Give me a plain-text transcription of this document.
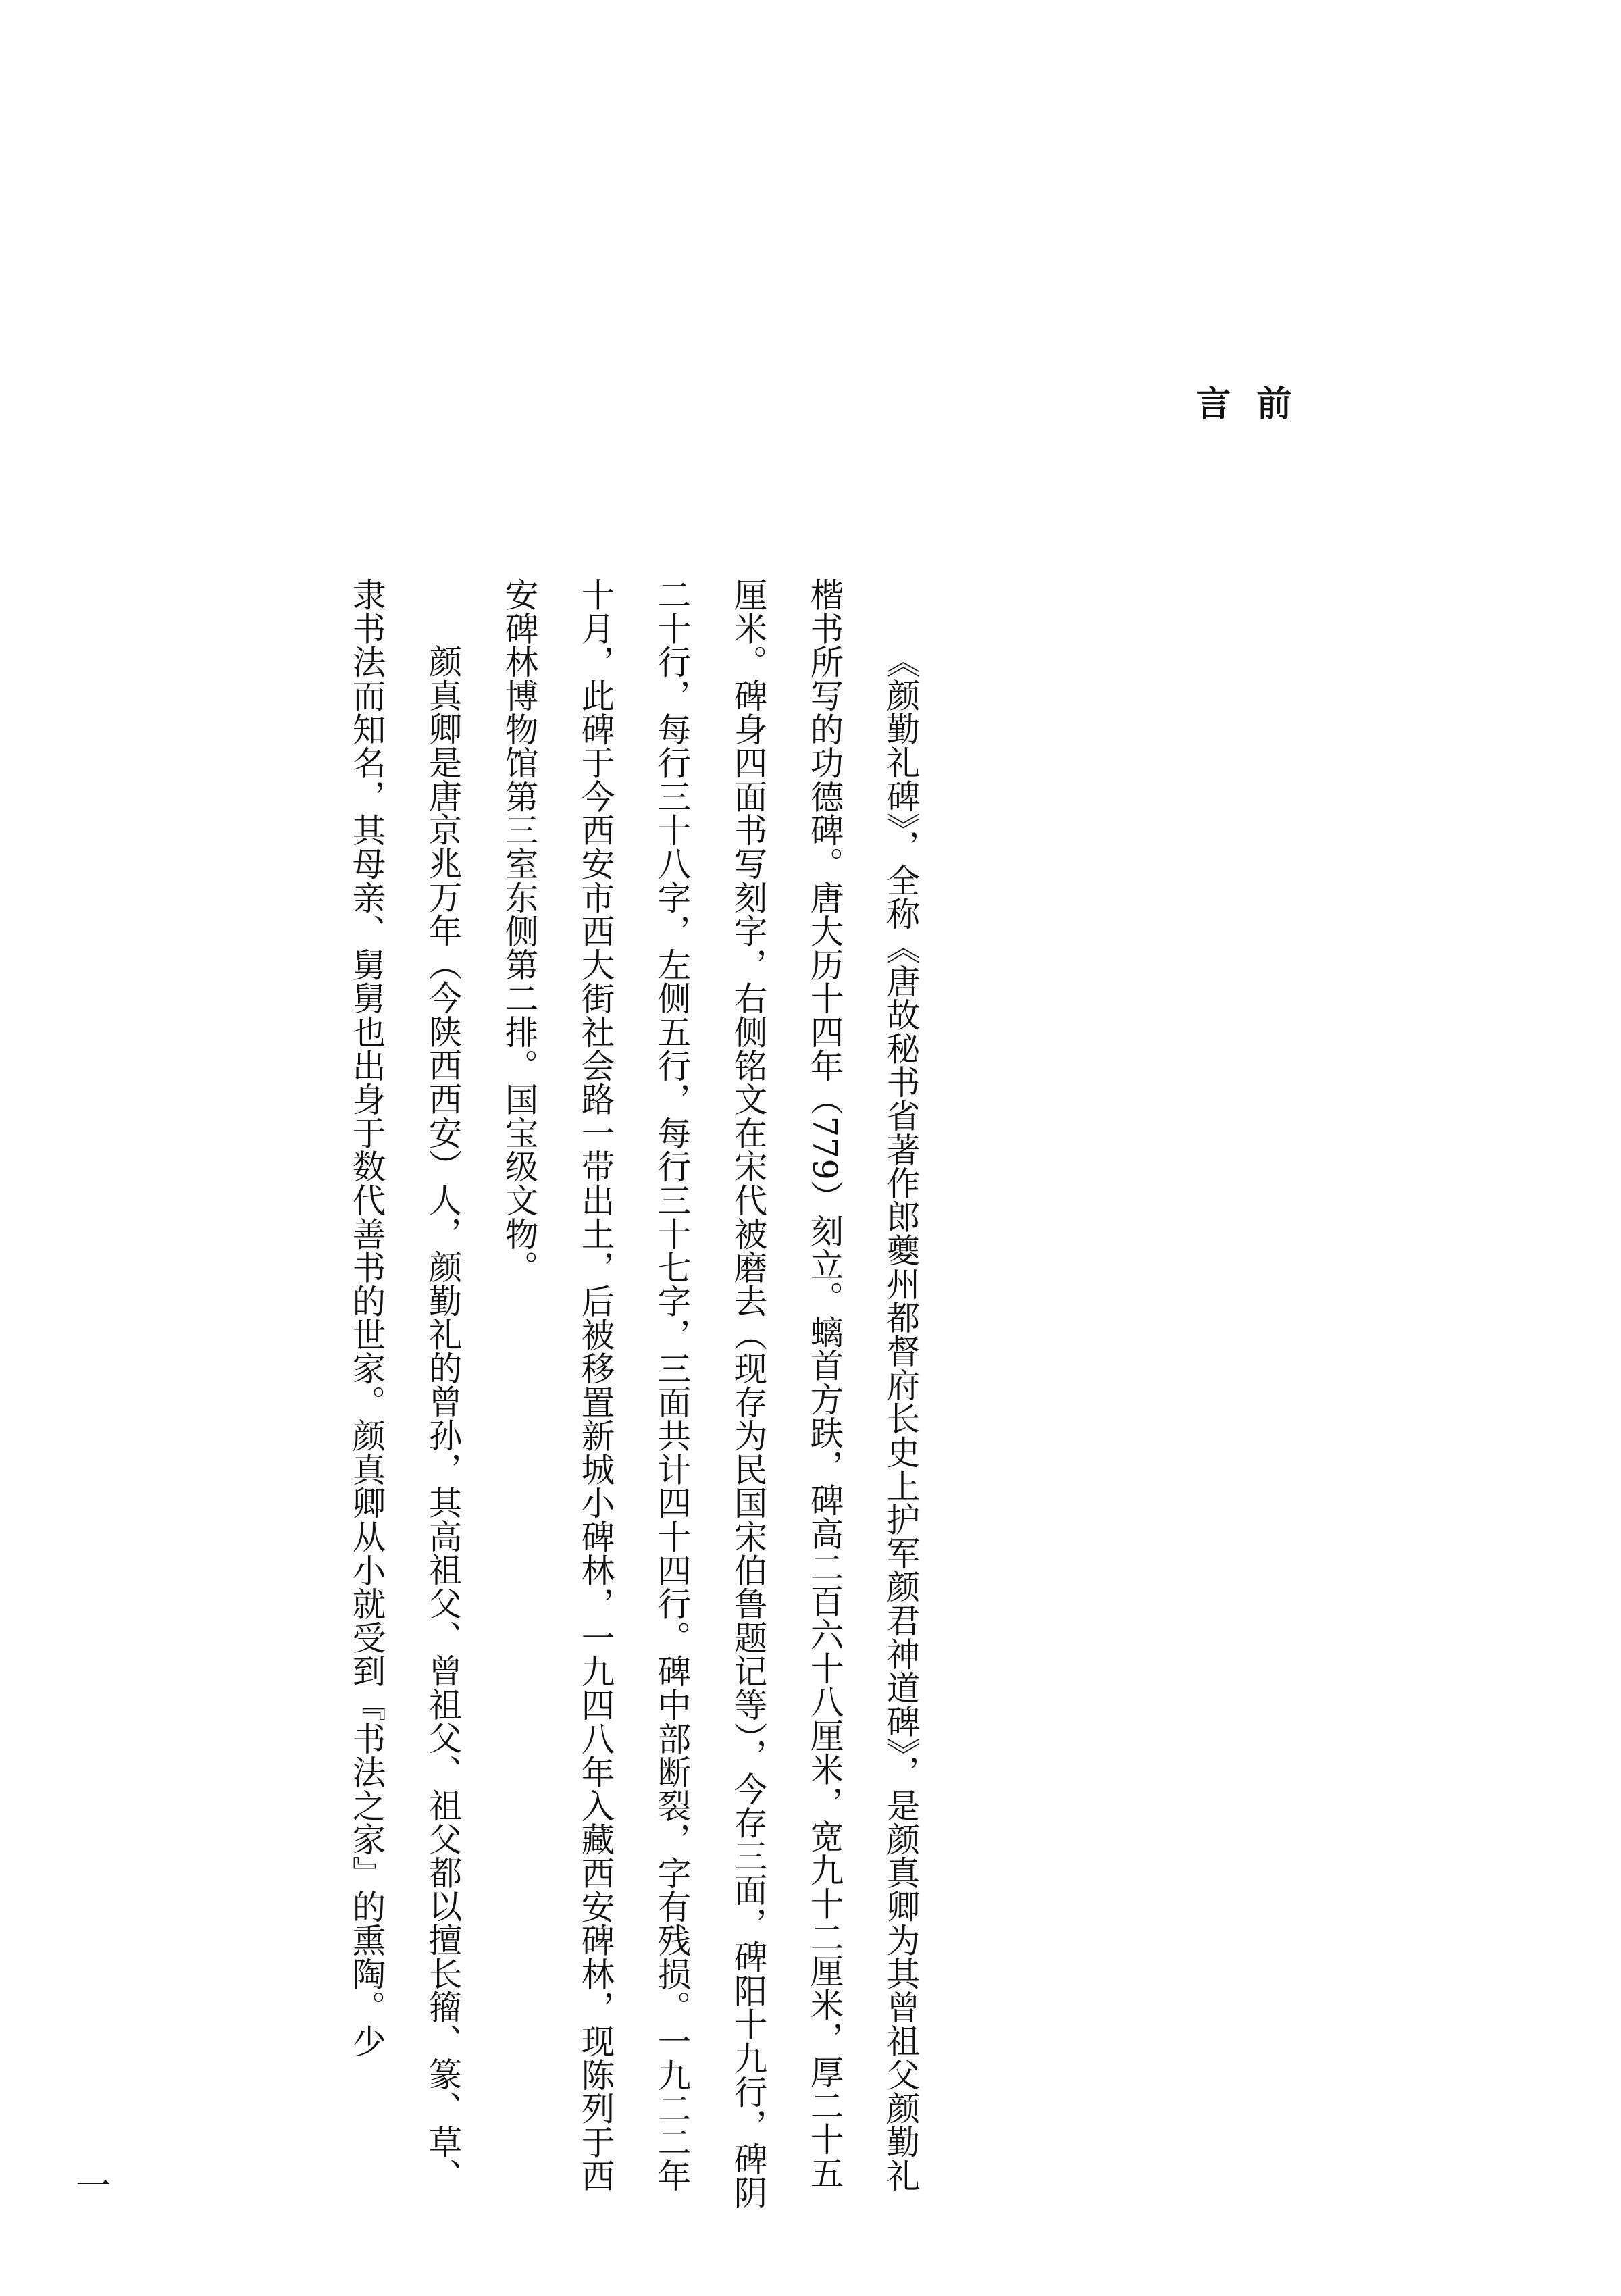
前言

《颜勤礼碑》，全称《唐故秘书省著作郎夔州都督府长史上护军颜君神道碑》，是颜真卿为其曾祖父颜勤礼楷书所写的功德碑。唐大历十四年（779）刻立。螭首方趺，碑高二百六十八厘米，宽九十二厘米，厚二十五厘米。碑身四面书写刻字，右侧铭文在宋代被磨去（现存为民国宋伯鲁题记等），今存三面，碑阳十九行，碑阴二十行，每行三十八字，左侧五行，每行三十七字，三面共计四十四行。碑中部断裂，字有残损。一九二二年十月，此碑于今西安市西大街社会路一带出土，后被移置新城小碑林，一九四八年入藏西安碑林，现陈列于西安碑林博物馆第三室东侧第二排。国宝级文物。

颜真卿是唐京兆万年（今陕西西安）人，颜勤礼的曾孙，其高祖父、曾祖父、祖父都以擅长籀、篆、草、隶书法而知名，其母亲、舅舅也出身于数代善书的世家。颜真卿从小就受到『书法之家』的熏陶。少

一
